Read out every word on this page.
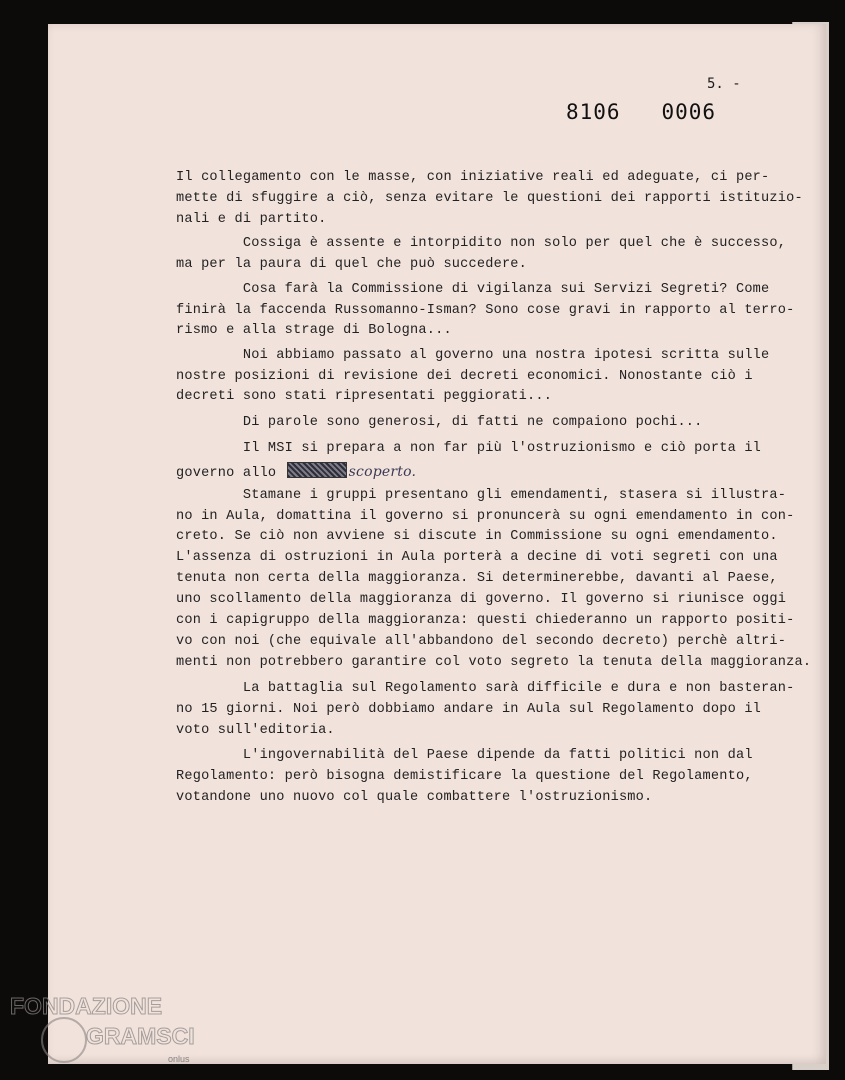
5. -
8106   0006
Il collegamento con le masse, con iniziative reali ed adeguate, ci per-
mette di sfuggire a ciò, senza evitare le questioni dei rapporti istituzio-
nali e di partito.
Cossiga è assente e intorpidito non solo per quel che è successo,
ma per la paura di quel che può succedere.
Cosa farà la Commissione di vigilanza sui Servizi Segreti? Come
finirà la faccenda Russomanno-Isman? Sono cose gravi in rapporto al terro-
rismo e alla strage di Bologna...
Noi abbiamo passato al governo una nostra ipotesi scritta sulle
nostre posizioni di revisione dei decreti economici. Nonostante ciò i
decreti sono stati ripresentati peggiorati...
Di parole sono generosi, di fatti ne compaiono pochi...
Il MSI si prepara a non far più l'ostruzionismo e ciò porta il
governo allo	scoperto.
Stamane i gruppi presentano gli emendamenti, stasera si illustra-
no in Aula, domattina il governo si pronuncerà su ogni emendamento in con-
creto. Se ciò non avviene si discute in Commissione su ogni emendamento.
L'assenza di ostruzioni in Aula porterà a decine di voti segreti con una
tenuta non certa della maggioranza. Si determinerebbe, davanti al Paese,
uno scollamento della maggioranza di governo. Il governo si riunisce oggi
con i capigruppo della maggioranza: questi chiederanno un rapporto positi-
vo con noi (che equivale all'abbandono del secondo decreto) perchè altri-
menti non potrebbero garantire col voto segreto la tenuta della maggioranza.
La battaglia sul Regolamento sarà difficile e dura e non basteran-
no 15 giorni. Noi però dobbiamo andare in Aula sul Regolamento dopo il
voto sull'editoria.
L'ingovernabilità del Paese dipende da fatti politici non dal
Regolamento: però bisogna demistificare la questione del Regolamento,
votandone uno nuovo col quale combattere l'ostruzionismo.
FONDAZIONE
GRAMSCI
onlus
